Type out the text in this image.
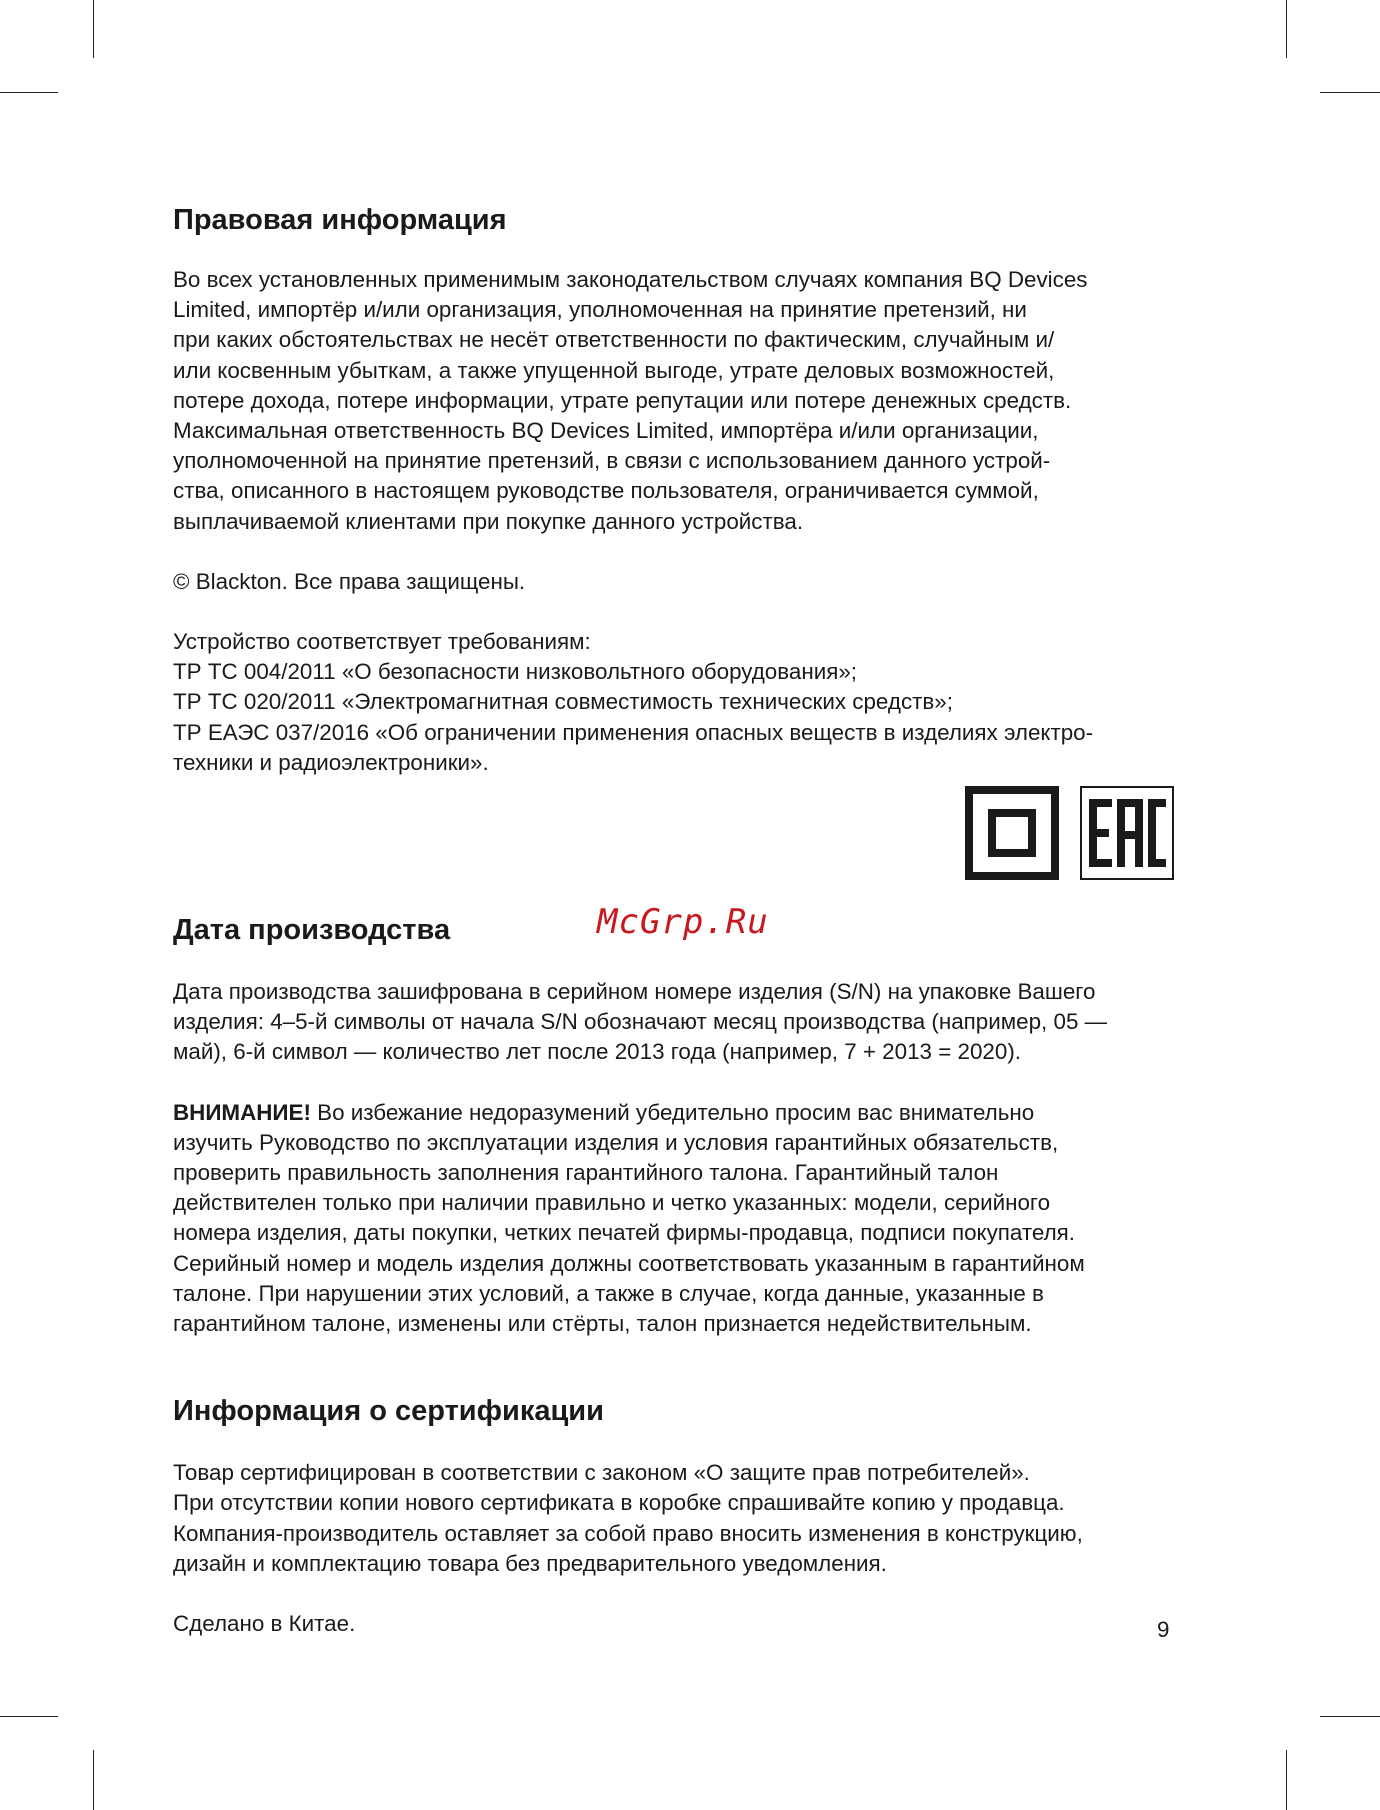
Правовая информация

Во всех установленных применимым законодательством случаях компания BQ Devices
Limited, импортёр и/или организация, уполномоченная на принятие претензий, ни
при каких обстоятельствах не несёт ответственности по фактическим, случайным и/
или косвенным убыткам, а также упущенной выгоде, утрате деловых возможностей,
потере дохода, потере информации, утрате репутации или потере денежных средств.
Максимальная ответственность BQ Devices Limited, импортёра и/или организации,
уполномоченной на принятие претензий, в связи с использованием данного устрой-
ства, описанного в настоящем руководстве пользователя, ограничивается суммой,
выплачиваемой клиентами при покупке данного устройства.

© Blackton. Все права защищены.

Устройство соответствует требованиям:
ТР ТС 004/2011 «О безопасности низковольтного оборудования»;
ТР ТС 020/2011 «Электромагнитная совместимость технических средств»;
ТР ЕАЭС 037/2016 «Об ограничении применения опасных веществ в изделиях электро-
техники и радиоэлектроники».

Дата производства	McGrp.Ru

Дата производства зашифрована в серийном номере изделия (S/N) на упаковке Вашего
изделия: 4–5-й символы от начала S/N обозначают месяц производства (например, 05 —
май), 6-й символ — количество лет после 2013 года (например, 7 + 2013 = 2020).

ВНИМАНИЕ! Во избежание недоразумений убедительно просим вас внимательно
изучить Руководство по эксплуатации изделия и условия гарантийных обязательств,
проверить правильность заполнения гарантийного талона. Гарантийный талон
действителен только при наличии правильно и четко указанных: модели, серийного
номера изделия, даты покупки, четких печатей фирмы-продавца, подписи покупателя.
Серийный номер и модель изделия должны соответствовать указанным в гарантийном
талоне. При нарушении этих условий, а также в случае, когда данные, указанные в
гарантийном талоне, изменены или стёрты, талон признается недействительным.

Информация о сертификации

Товар сертифицирован в соответствии с законом «О защите прав потребителей».
При отсутствии копии нового сертификата в коробке спрашивайте копию у продавца.
Компания-производитель оставляет за собой право вносить изменения в конструкцию,
дизайн и комплектацию товара без предварительного уведомления.

Сделано в Китае.	9
